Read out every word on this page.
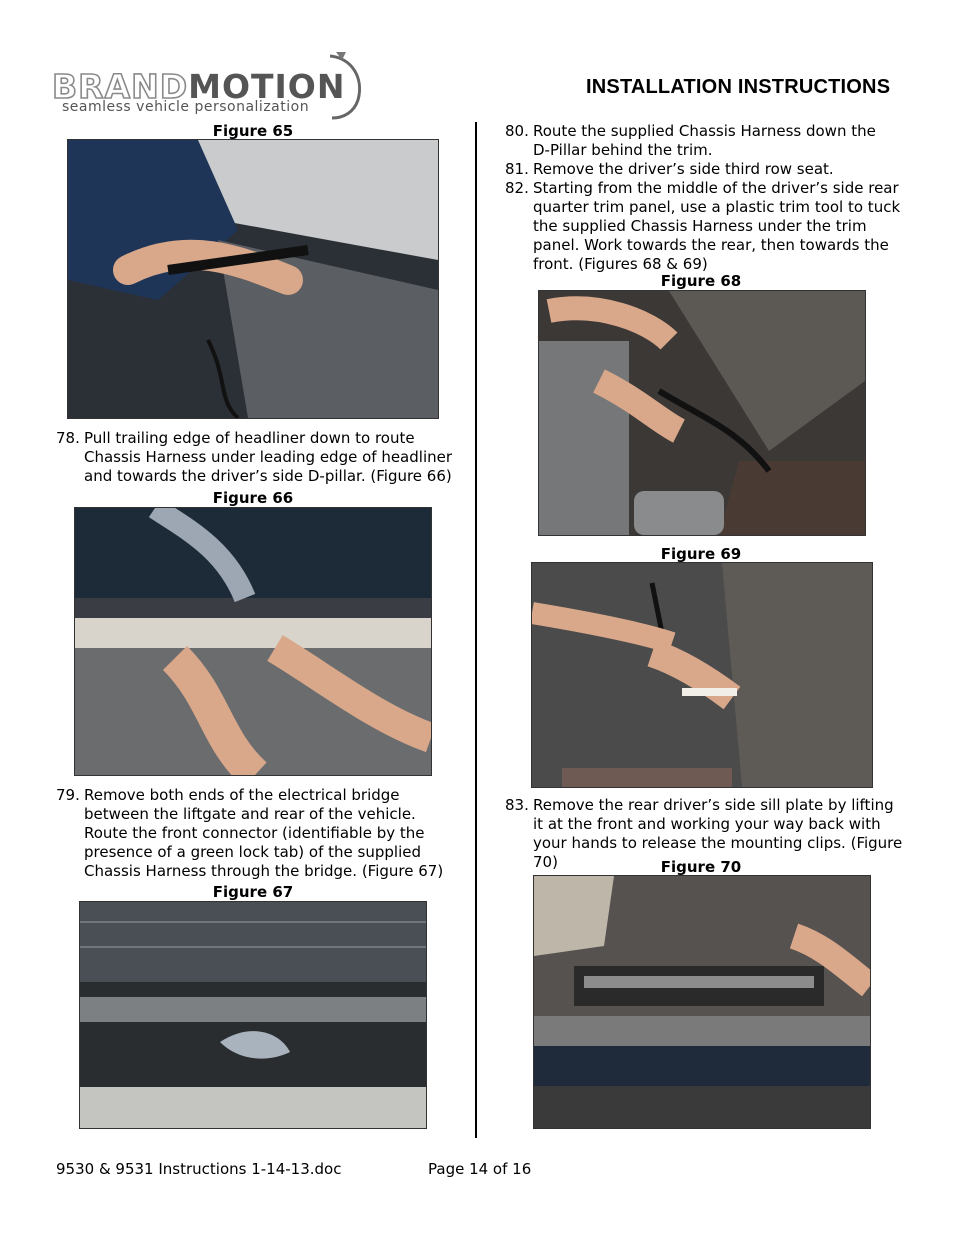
BRANDMOTION
seamless vehicle personalization
INSTALLATION INSTRUCTIONS
Figure 65
78. Pull trailing edge of headliner down to route Chassis Harness under leading edge of headliner and towards the driver’s side D-pillar. (Figure 66)
Figure 66
79. Remove both ends of the electrical bridge between the liftgate and rear of the vehicle. Route the front connector (identifiable by the presence of a green lock tab) of the supplied Chassis Harness through the bridge. (Figure 67)
Figure 67
80. Route the supplied Chassis Harness down the D-Pillar behind the trim.
81. Remove the driver’s side third row seat.
82. Starting from the middle of the driver’s side rear quarter trim panel, use a plastic trim tool to tuck the supplied Chassis Harness under the trim panel. Work towards the rear, then towards the front. (Figures 68 & 69)
Figure 68
Figure 69
83. Remove the rear driver’s side sill plate by lifting it at the front and working your way back with your hands to release the mounting clips. (Figure 70)	Figure 70
9530 & 9531 Instructions 1-14-13.doc	Page 14 of 16
